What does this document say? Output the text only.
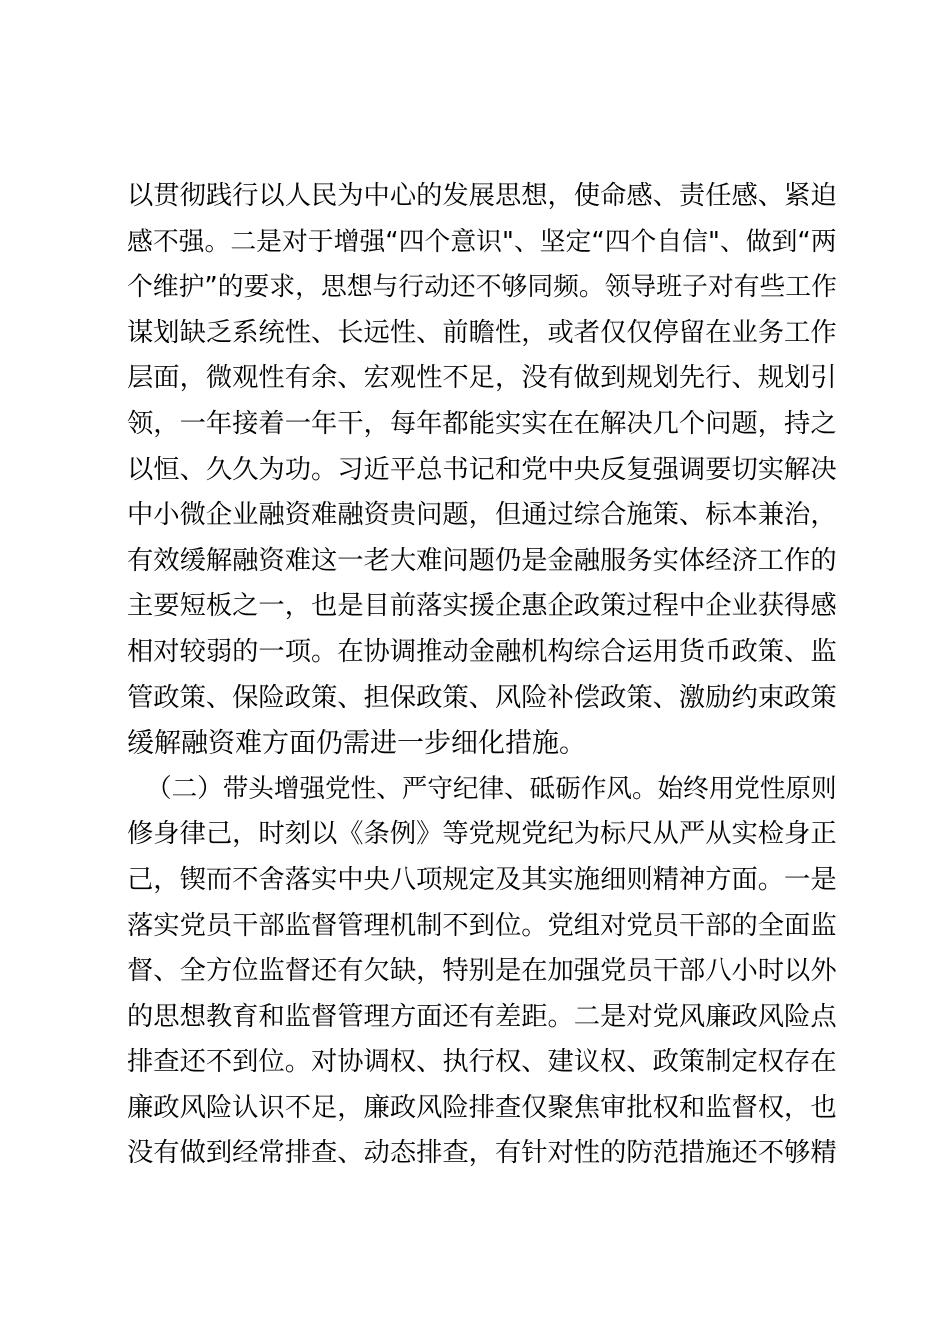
以贯彻践行以人民为中心的发展思想，使命感、责任感、紧迫
感不强。二是对于增强“四个意识"、坚定“四个自信"、做到“两
个维护”的要求，思想与行动还不够同频。领导班子对有些工作
谋划缺乏系统性、长远性、前瞻性，或者仅仅停留在业务工作
层面，微观性有余、宏观性不足，没有做到规划先行、规划引
领，一年接着一年干，每年都能实实在在解决几个问题，持之
以恒、久久为功。习近平总书记和党中央反复强调要切实解决
中小微企业融资难融资贵问题，但通过综合施策、标本兼治，
有效缓解融资难这一老大难问题仍是金融服务实体经济工作的
主要短板之一，也是目前落实援企惠企政策过程中企业获得感
相对较弱的一项。在协调推动金融机构综合运用货币政策、监
管政策、保险政策、担保政策、风险补偿政策、激励约束政策
缓解融资难方面仍需进一步细化措施。
（二）带头增强党性、严守纪律、砥砺作风。始终用党性原则
修身律己，时刻以《条例》等党规党纪为标尺从严从实检身正
己，锲而不舍落实中央八项规定及其实施细则精神方面。一是
落实党员干部监督管理机制不到位。党组对党员干部的全面监
督、全方位监督还有欠缺，特别是在加强党员干部八小时以外
的思想教育和监督管理方面还有差距。二是对党风廉政风险点
排查还不到位。对协调权、执行权、建议权、政策制定权存在
廉政风险认识不足，廉政风险排查仅聚焦审批权和监督权，也
没有做到经常排查、动态排查，有针对性的防范措施还不够精
